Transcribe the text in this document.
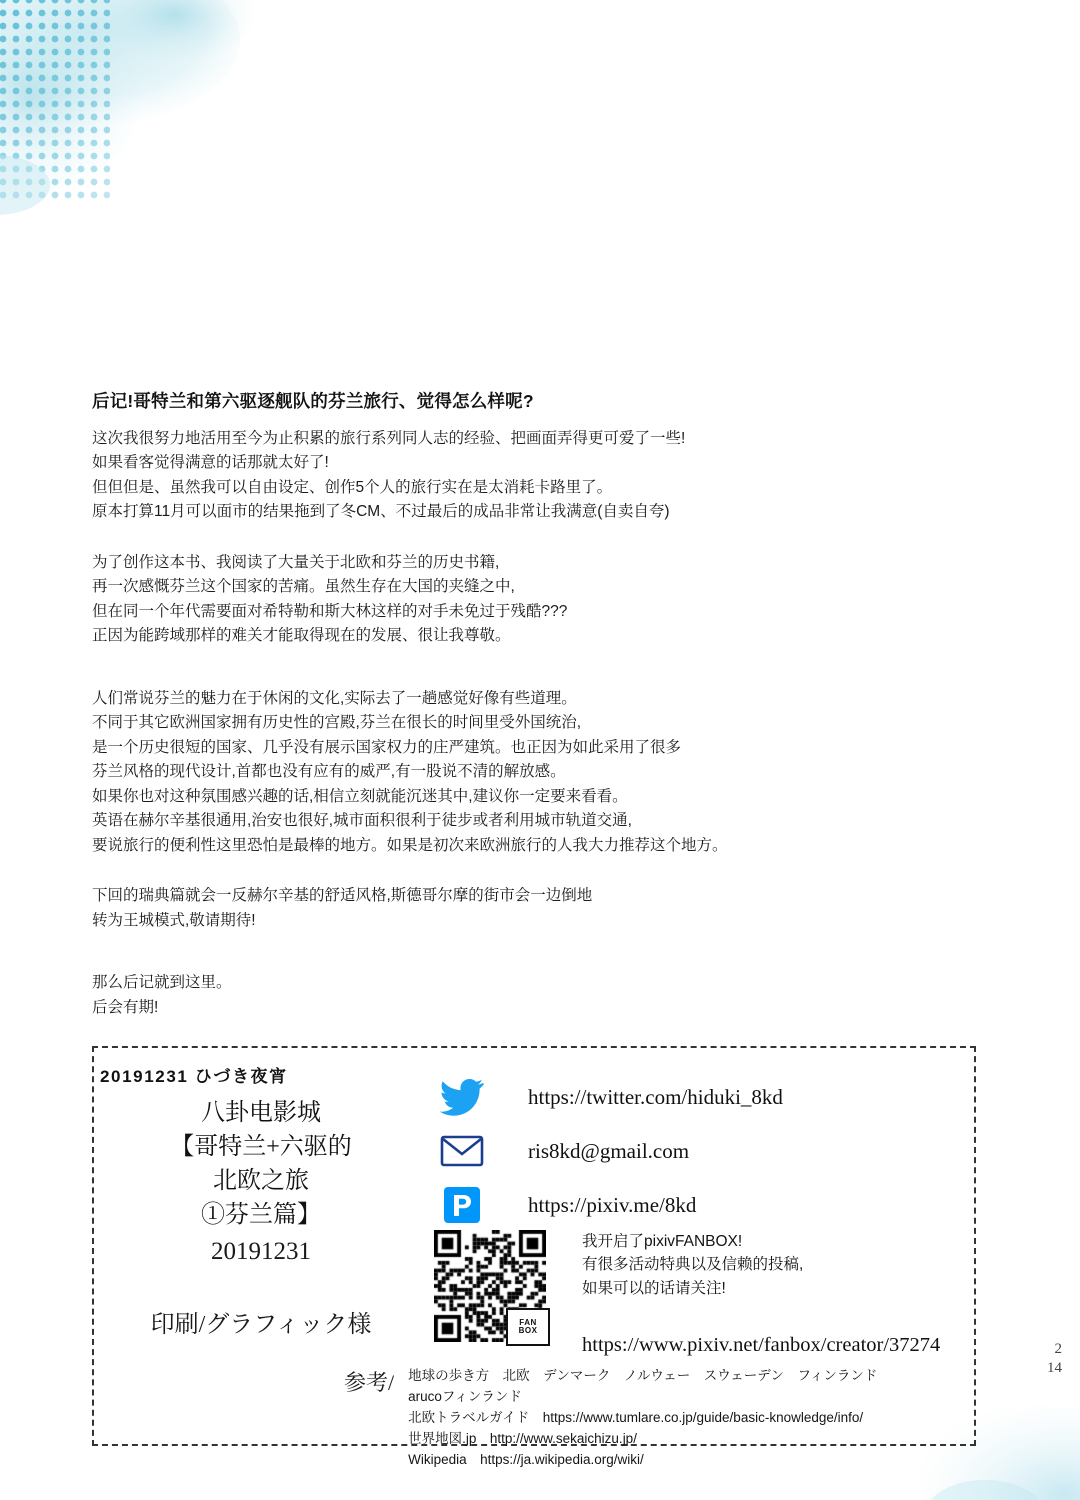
后记!哥特兰和第六驱逐舰队的芬兰旅行、觉得怎么样呢?

这次我很努力地活用至今为止积累的旅行系列同人志的经验、把画面弄得更可爱了一些!
如果看客觉得满意的话那就太好了!
但但但是、虽然我可以自由设定、创作5个人的旅行实在是太消耗卡路里了。
原本打算11月可以面市的结果拖到了冬CM、不过最后的成品非常让我满意(自卖自夸)

为了创作这本书、我阅读了大量关于北欧和芬兰的历史书籍,
再一次感慨芬兰这个国家的苦痛。虽然生存在大国的夹缝之中,
但在同一个年代需要面对希特勒和斯大林这样的对手未免过于残酷???
正因为能跨域那样的难关才能取得现在的发展、很让我尊敬。

人们常说芬兰的魅力在于休闲的文化,实际去了一趟感觉好像有些道理。
不同于其它欧洲国家拥有历史性的宫殿,芬兰在很长的时间里受外国统治,
是一个历史很短的国家、几乎没有展示国家权力的庄严建筑。也正因为如此采用了很多
芬兰风格的现代设计,首都也没有应有的威严,有一股说不清的解放感。
如果你也对这种氛围感兴趣的话,相信立刻就能沉迷其中,建议你一定要来看看。
英语在赫尔辛基很通用,治安也很好,城市面积很利于徒步或者利用城市轨道交通,
要说旅行的便利性这里恐怕是最棒的地方。如果是初次来欧洲旅行的人我大力推荐这个地方。

下回的瑞典篇就会一反赫尔辛基的舒适风格,斯德哥尔摩的街市会一边倒地
转为王城模式,敬请期待!

那么后记就到这里。
后会有期!

20191231 ひづき夜宵
八卦电影城
【哥特兰+六驱的
北欧之旅
①芬兰篇】
20191231
印刷/グラフィック様
https://twitter.com/hiduki_8kd
ris8kd@gmail.com
https://pixiv.me/8kd
FAN
BOX
我开启了pixivFANBOX!
有很多活动特典以及信赖的投稿,
如果可以的话请关注!
https://www.pixiv.net/fanbox/creator/37274
参考/	地球の歩き方　北欧　デンマーク　ノルウェー　スウェーデン　フィンランド
arucoフィンランド
北欧トラベルガイド　https://www.tumlare.co.jp/guide/basic-knowledge/info/
世界地図.jp　http://www.sekaichizu.jp/
Wikipedia　https://ja.wikipedia.org/wiki/
2
14
